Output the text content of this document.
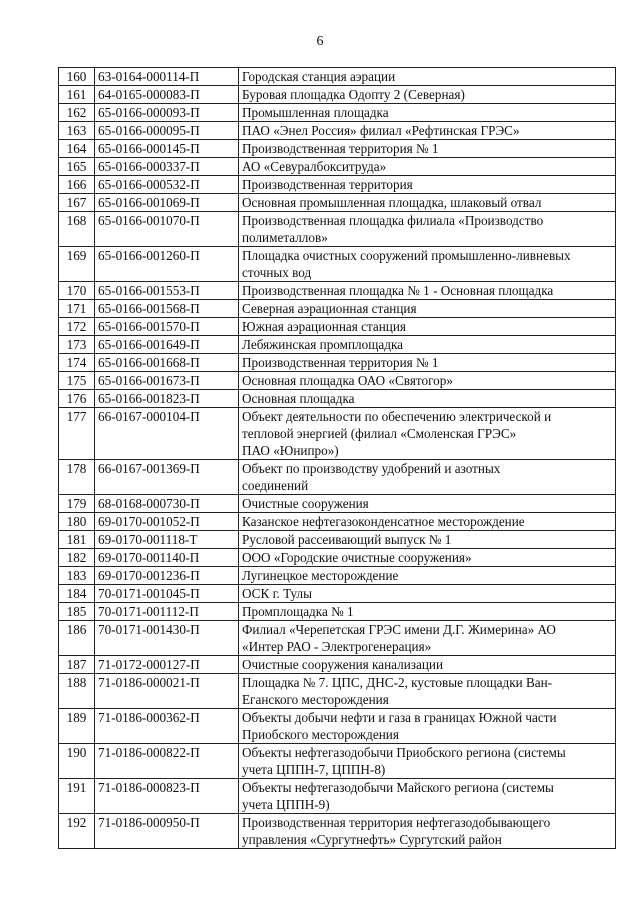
6
160	63-0164-000114-П	Городская станция аэрации
161	64-0165-000083-П	Буровая площадка Одопту 2 (Северная)
162	65-0166-000093-П	Промышленная площадка
163	65-0166-000095-П	ПАО «Энел Россия» филиал «Рефтинская ГРЭС»
164	65-0166-000145-П	Производственная территория № 1
165	65-0166-000337-П	АО «Севуралбокситруда»
166	65-0166-000532-П	Производственная территория
167	65-0166-001069-П	Основная промышленная площадка, шлаковый отвал
168	65-0166-001070-П	Производственная площадка филиала «Производство
полиметаллов»

169	65-0166-001260-П	Площадка очистных сооружений промышленно-ливневых
сточных вод

170	65-0166-001553-П	Производственная площадка № 1 - Основная площадка
171	65-0166-001568-П	Северная аэрационная станция
172	65-0166-001570-П	Южная аэрационная станция
173	65-0166-001649-П	Лебяжинская промплощадка
174	65-0166-001668-П	Производственная территория № 1
175	65-0166-001673-П	Основная площадка ОАО «Святогор»
176	65-0166-001823-П	Основная площадка
177	66-0167-000104-П	Объект деятельности по обеспечению электрической и
тепловой энергией (филиал «Смоленская ГРЭС»
ПАО «Юнипро»)

178	66-0167-001369-П	Объект по производству удобрений и азотных
соединений

179	68-0168-000730-П	Очистные сооружения
180	69-0170-001052-П	Казанское нефтегазоконденсатное месторождение
181	69-0170-001118-Т	Русловой рассеивающий выпуск № 1
182	69-0170-001140-П	ООО «Городские очистные сооружения»
183	69-0170-001236-П	Лугинецкое месторождение
184	70-0171-001045-П	ОСК г. Тулы
185	70-0171-001112-П	Промплощадка № 1
186	70-0171-001430-П	Филиал «Черепетская ГРЭС имени Д.Г. Жимерина» АО
«Интер РАО - Электрогенерация»

187	71-0172-000127-П	Очистные сооружения канализации
188	71-0186-000021-П	Площадка № 7. ЦПС, ДНС-2, кустовые площадки Ван-
Еганского месторождения

189	71-0186-000362-П	Объекты добычи нефти и газа в границах Южной части
Приобского месторождения

190	71-0186-000822-П	Объекты нефтегазодобычи Приобского региона (системы
учета ЦППН-7, ЦППН-8)

191	71-0186-000823-П	Объекты нефтегазодобычи Майского региона (системы
учета ЦППН-9)

192	71-0186-000950-П	Производственная территория нефтегазодобывающего
управления «Сургутнефть» Сургутский район
